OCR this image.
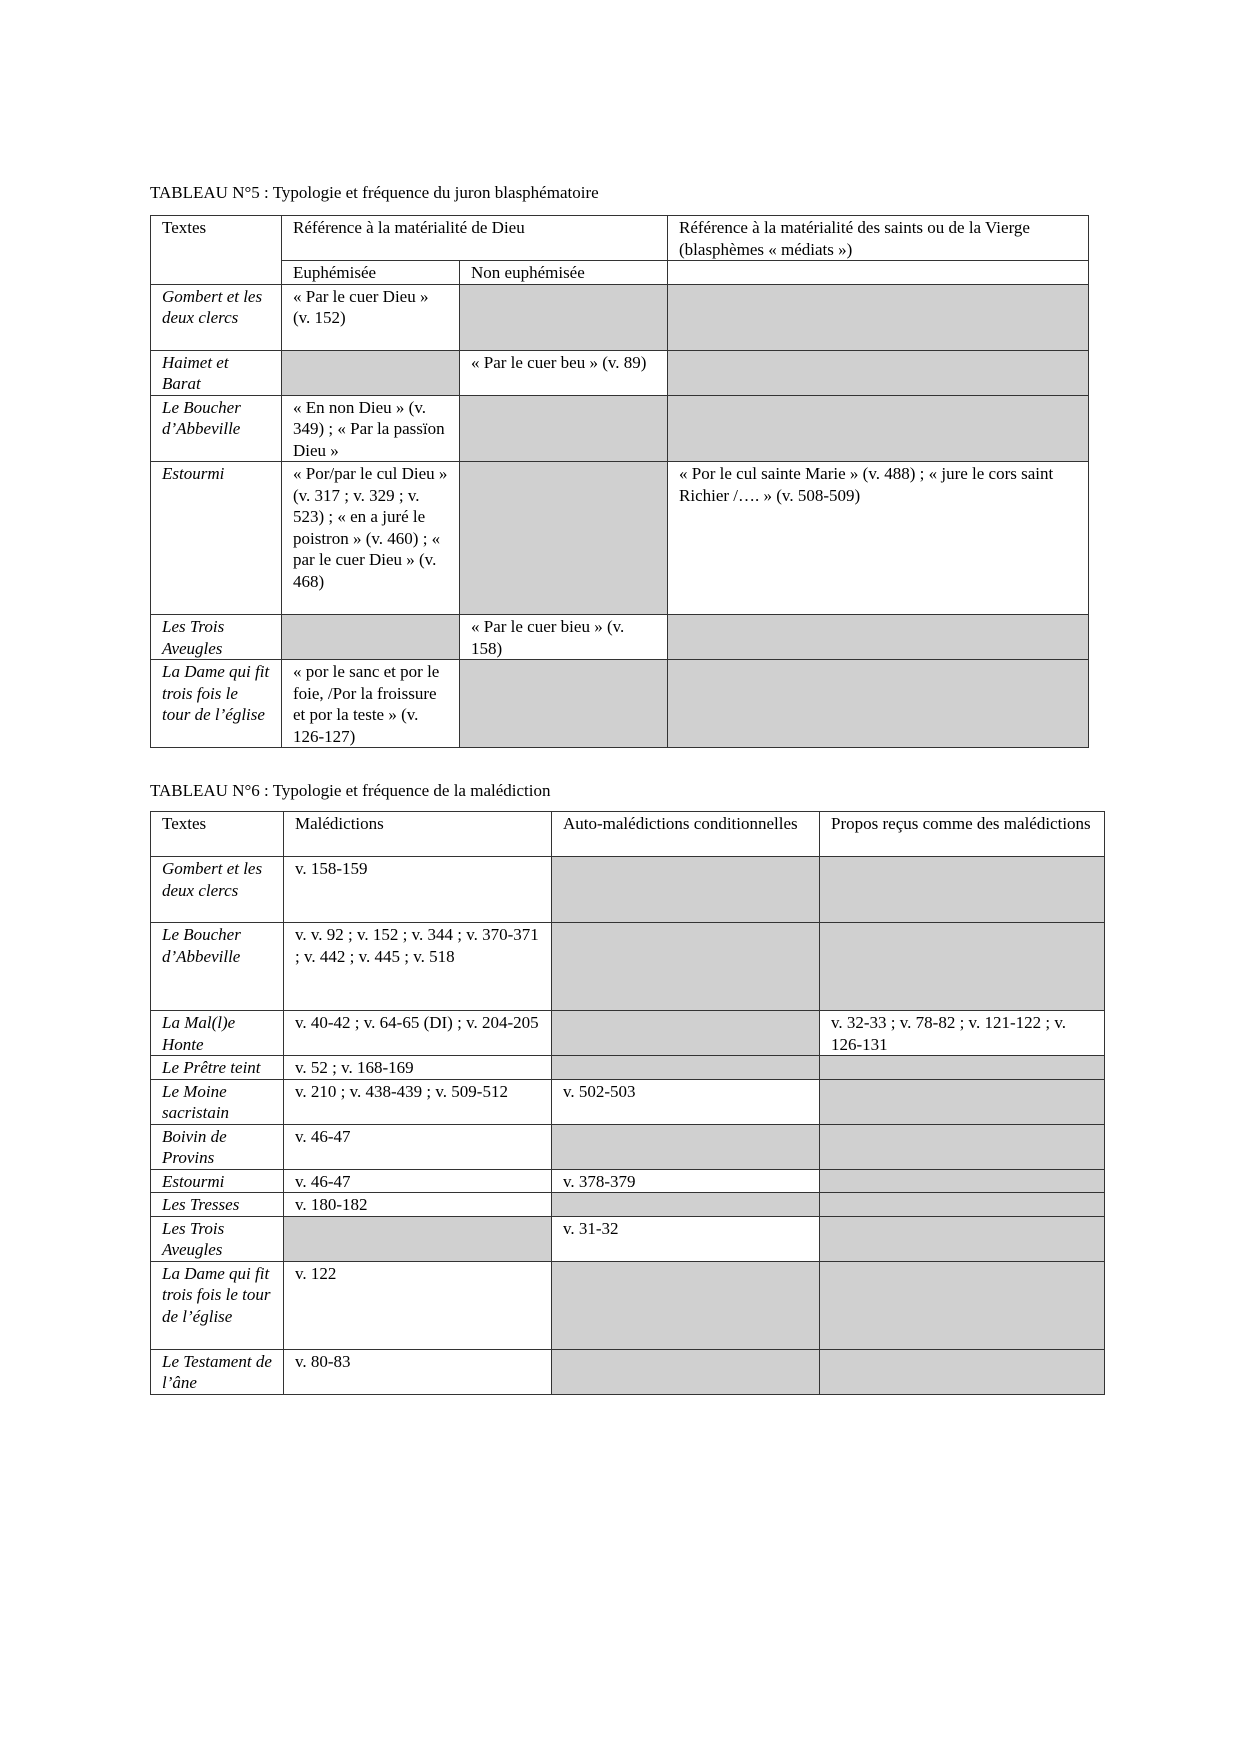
TABLEAU N°5 : Typologie et fréquence du juron blasphématoire
Textes	Référence à la matérialité de Dieu		Référence à la matérialité des saints ou de la Vierge (blasphèmes « médiats »)
	Euphémisée	Non euphémisée	
Gombert et les deux clercs	« Par le cuer Dieu » (v. 152)		
Haimet et Barat		« Par le cuer beu » (v. 89)	
Le Boucher d’Abbeville	« En non Dieu » (v. 349) ; « Par la passïon Dieu »		
Estourmi	« Por/par le cul Dieu » (v. 317 ; v. 329 ; v. 523) ; « en a juré le poistron » (v. 460) ; « par le cuer Dieu » (v. 468)		« Por le cul sainte Marie » (v. 488) ; « jure le cors saint Richier /…. » (v. 508-509)
Les Trois Aveugles		« Par le cuer bieu » (v. 158)	
La Dame qui fit trois fois le tour de l’église	« por le sanc et por le foie, /Por la froissure et por la teste » (v. 126-127)		
TABLEAU N°6 : Typologie et fréquence de la malédiction
Textes	Malédictions	Auto-malédictions conditionnelles	Propos reçus comme des malédictions
Gombert et les deux clercs	v. 158-159		
Le Boucher d’Abbeville	v. v. 92 ; v. 152 ; v. 344 ; v. 370-371 ; v. 442 ; v. 445 ; v. 518		
La Mal(l)e Honte	v. 40-42 ; v. 64-65 (DI) ; v. 204-205		v. 32-33 ; v. 78-82 ; v. 121-122 ; v. 126-131
Le Prêtre teint	v. 52 ; v. 168-169		
Le Moine sacristain	v. 210 ; v. 438-439 ; v. 509-512	v. 502-503	
Boivin de Provins	v. 46-47		
Estourmi	v. 46-47	v. 378-379	
Les Tresses	v. 180-182		
Les Trois Aveugles		v. 31-32	
La Dame qui fit trois fois le tour de l’église	v. 122		
Le Testament de l’âne	v. 80-83		
